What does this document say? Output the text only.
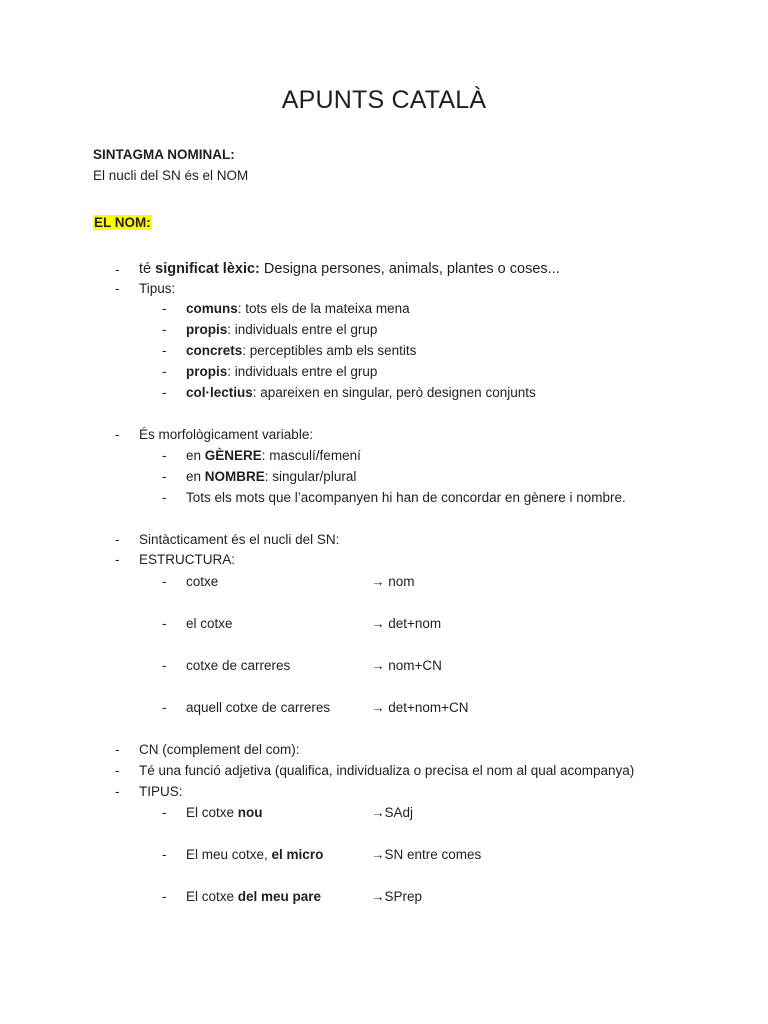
APUNTS CATALÀ
SINTAGMA NOMINAL:
El nucli del SN és el NOM
EL NOM:
- té significat lèxic: Designa persones, animals, plantes o coses...
- Tipus:
- comuns: tots els de la mateixa mena
- propis: individuals entre el grup
- concrets: perceptibles amb els sentits
- propis: individuals entre el grup
- col·lectius: apareixen en singular, però designen conjunts
- És morfològicament variable:
- en GÈNERE: masculí/femení
- en NOMBRE: singular/plural
- Tots els mots que l’acompanyen hi han de concordar en gènere i nombre.
- Sintàcticament és el nucli del SN:
- ESTRUCTURA:
- cotxe	→ nom
- el cotxe	→ det+nom
- cotxe de carreres	→ nom+CN
- aquell cotxe de carreres	→ det+nom+CN
- CN (complement del com):
- Té una funció adjetiva (qualifica, individualiza o precisa el nom al qual acompanya)
- TIPUS:
- El cotxe nou	→SAdj
- El meu cotxe, el micro	→SN entre comes
- El cotxe del meu pare	→SPrep
